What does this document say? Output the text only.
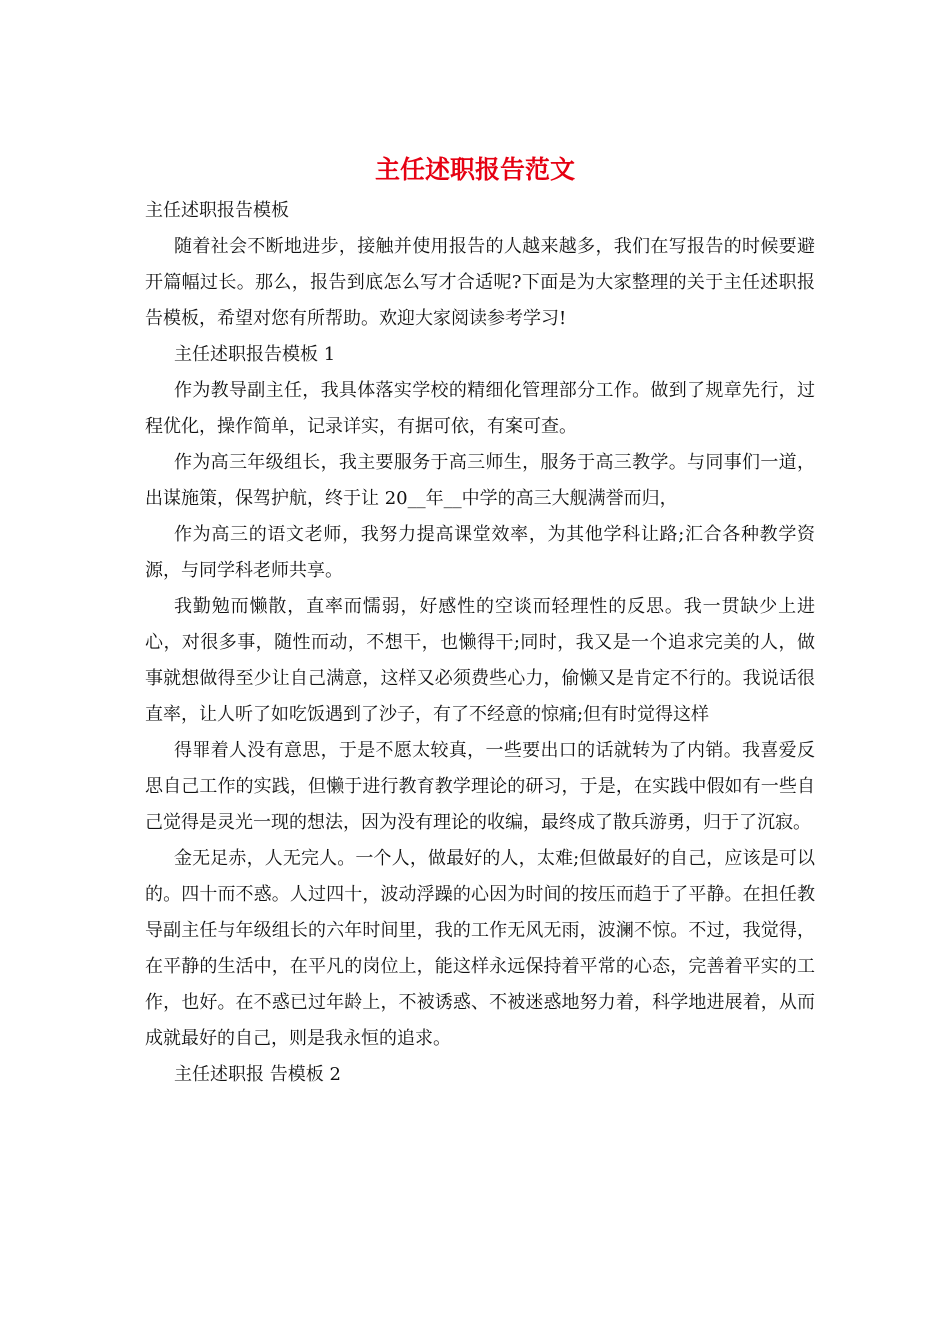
主任述职报告范文

主任述职报告模板

随着社会不断地进步，接触并使用报告的人越来越多，我们在写报告的时候要避开篇幅过长。那么，报告到底怎么写才合适呢?下面是为大家整理的关于主任述职报告模板，希望对您有所帮助。欢迎大家阅读参考学习!

主任述职报告模板 1

作为教导副主任，我具体落实学校的精细化管理部分工作。做到了规章先行，过程优化，操作简单，记录详实，有据可依，有案可查。

作为高三年级组长，我主要服务于高三师生，服务于高三教学。与同事们一道，出谋施策，保驾护航，终于让 20__年__中学的高三大舰满誉而归，

作为高三的语文老师，我努力提高课堂效率，为其他学科让路;汇合各种教学资源，与同学科老师共享。

我勤勉而懒散，直率而懦弱，好感性的空谈而轻理性的反思。我一贯缺少上进心，对很多事，随性而动，不想干，也懒得干;同时，我又是一个追求完美的人，做事就想做得至少让自己满意，这样又必须费些心力，偷懒又是肯定不行的。我说话很直率，让人听了如吃饭遇到了沙子，有了不经意的惊痛;但有时觉得这样

得罪着人没有意思，于是不愿太较真，一些要出口的话就转为了内销。我喜爱反思自己工作的实践，但懒于进行教育教学理论的研习，于是，在实践中假如有一些自己觉得是灵光一现的想法，因为没有理论的收编，最终成了散兵游勇，归于了沉寂。

金无足赤，人无完人。一个人，做最好的人，太难;但做最好的自己，应该是可以的。四十而不惑。人过四十，波动浮躁的心因为时间的按压而趋于了平静。在担任教导副主任与年级组长的六年时间里，我的工作无风无雨，波澜不惊。不过，我觉得，在平静的生活中，在平凡的岗位上，能这样永远保持着平常的心态，完善着平实的工作，也好。在不惑已过年龄上，不被诱惑、不被迷惑地努力着，科学地进展着，从而成就最好的自己，则是我永恒的追求。

主任述职报 告模板 2
